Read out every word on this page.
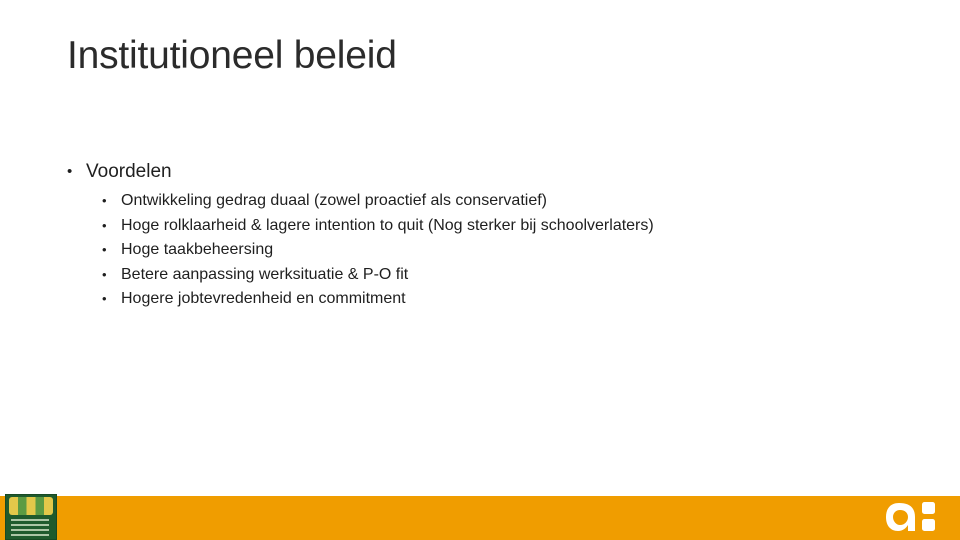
Institutioneel beleid
• Voordelen
• Ontwikkeling gedrag duaal (zowel proactief als conservatief)
• Hoge rolklaarheid & lagere intention to quit (Nog sterker bij schoolverlaters)
• Hoge taakbeheersing
• Betere aanpassing werksituatie & P-O fit
• Hogere jobtevredenheid en commitment
